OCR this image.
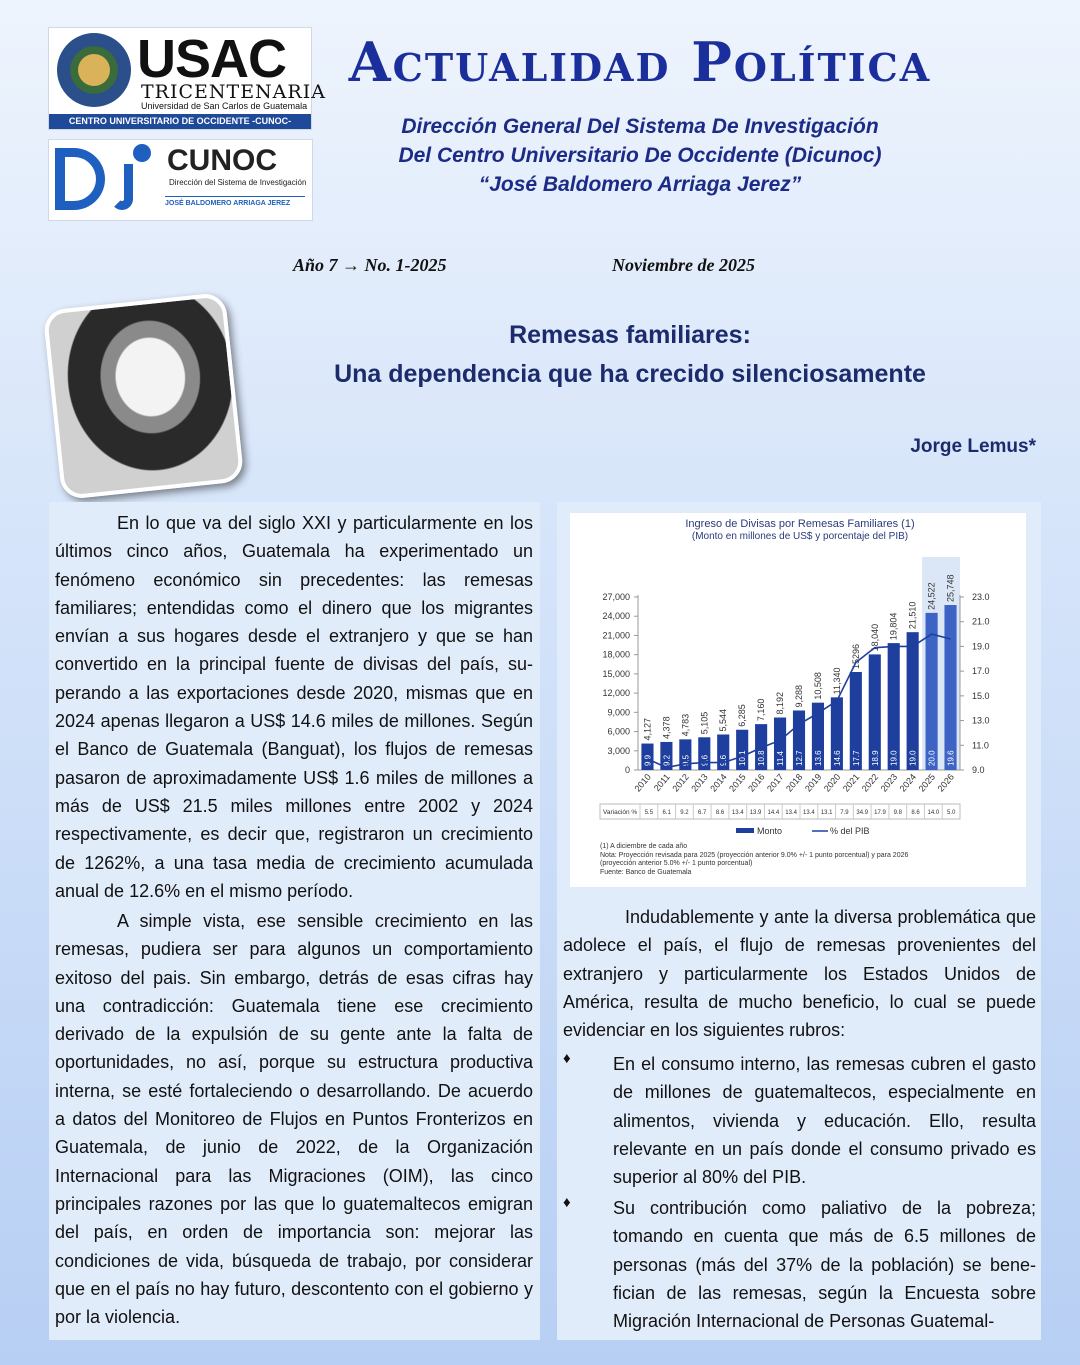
USAC
TRICENTENARIA
Universidad de San Carlos de Guatemala
CENTRO UNIVERSITARIO DE OCCIDENTE -CUNOC-
CUNOC
Dirección del Sistema de Investigación
JOSÉ BALDOMERO ARRIAGA JEREZ
Actualidad Política
Dirección General Del Sistema De Investigación
Del Centro Universitario De Occidente (Dicunoc)
“José Baldomero Arriaga Jerez”
Año 7 → No. 1-2025	Noviembre de 2025
Remesas familiares:
Una dependencia que ha crecido silenciosamente
Jorge Lemus*

En lo que va del siglo XXI y particularmente en los últimos cinco años, Guatemala ha experimentado un fenómeno económico sin precedentes: las remesas familiares; entendidas como el dinero que los migrantes envían a sus hogares desde el extranjero y que se han convertido en la principal fuente de divisas del país, superando a las exportaciones desde 2020, mismas que en 2024 apenas llegaron a US$ 14.6 miles de millones. Según el Banco de Guatemala (Banguat), los flujos de remesas pasaron de aproximadamente US$ 1.6 miles de millones a más de US$ 21.5 miles millones entre 2002 y 2024 respectivamente, es decir que, registraron un crecimiento de 1262%, a una tasa media de crecimiento acumulada anual de 12.6% en el mismo período.

A simple vista, ese sensible crecimiento en las remesas, pudiera ser para algunos un comportamiento exitoso del pais. Sin embargo, detrás de esas cifras hay una contradicción: Guatemala tiene ese crecimiento derivado de la expulsión de su gente ante la falta de oportunidades, no así, porque su estructura productiva interna, se esté fortaleciendo o desarrollando. De acuerdo a datos del Monitoreo de Flujos en Puntos Fronterizos en Guatemala, de junio de 2022, de la Organización Internacional para las Migraciones (OIM), las cinco principales razones por las que lo guatemaltecos emigran del país, en orden de importancia son: mejorar las condiciones de vida, búsqueda de trabajo, por considerar que en el país no hay futuro, descontento con el gobierno y por la violencia.

Ingreso de Divisas por Remesas Familiares (1)
(Monto en millones de US$ y porcentaje del PIB)
0
3,000
6,000
9,000
12,000
15,000
18,000
21,000
24,000
27,000
9.0
11.0
13.0
15.0
17.0
19.0
21.0
23.0
2010
2011
2012
2013
2014
2015
2016
2017
2018
2019
2020
2021
2022
2023
2024
2025
2026
4,127
9.9
4,378
9.2
4,783
9.5
5,105
9.6
5,544
9.6
6,285
10.1
7,160
10.8
8,192
11.4
9,288
12.7
10,508
13.6
11,340
14.6
15296
17.7
18,040
18.9
19,804
19.0
21,510
19.0
24,522
20.0
25,748
19.6
Variación % 5.5 6.1 9.2 6.7 8.6 13.4 13.9 14.4 13.4 13.4 13.1 7.9 34.9 17.9 9.8 8.6 14.0 5.0
Monto	% del PIB
(1) A diciembre de cada año
Nota: Proyección revisada para 2025 (proyección anterior 9.0% +/- 1 punto porcentual) y para 2026
(proyección anterior 5.0% +/- 1 punto porcentual)
Fuente: Banco de Guatemala

Indudablemente y ante la diversa problemática que adolece el país, el flujo de remesas provenientes del extranjero y particularmente los Estados Unidos de América, resulta de mucho beneficio, lo cual se puede evidenciar en los siguientes rubros:

♦ En el consumo interno, las remesas cubren el gasto de millones de guatemaltecos, especialmente en alimentos, vivienda y educación. Ello, resulta relevante en un país donde el consumo privado es superior al 80% del PIB.

♦ Su contribución como paliativo de la pobreza; tomando en cuenta que más de 6.5 millones de personas (más del 37% de la población) se benefician de las remesas, según la Encuesta sobre Migración Internacional de Personas Guatemal-
